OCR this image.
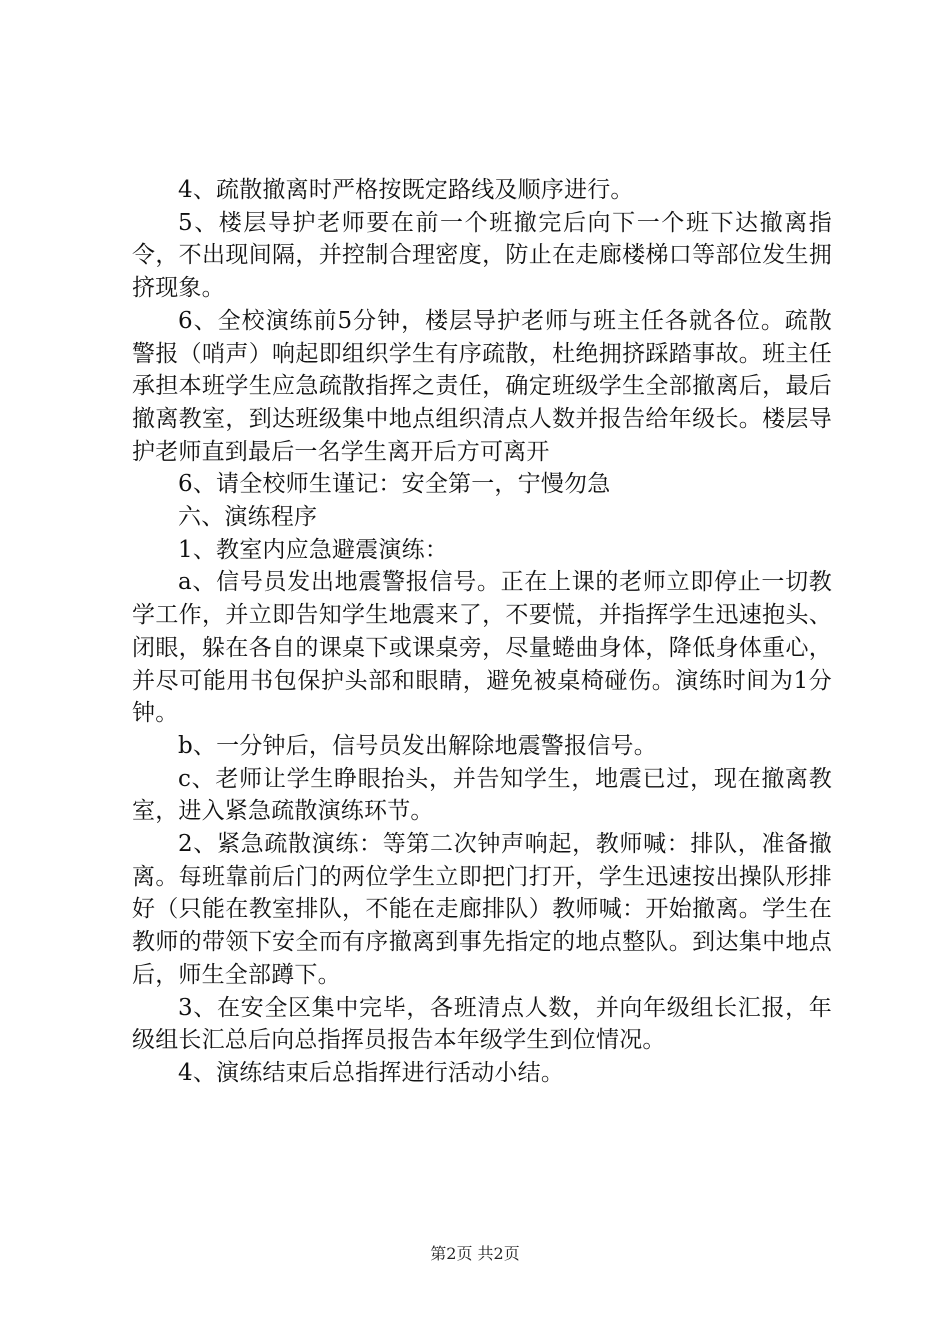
4、疏散撤离时严格按既定路线及顺序进行。

5、楼层导护老师要在前一个班撤完后向下一个班下达撤离指令，不出现间隔，并控制合理密度，防止在走廊楼梯口等部位发生拥挤现象。

6、全校演练前5分钟，楼层导护老师与班主任各就各位。疏散警报（哨声）响起即组织学生有序疏散，杜绝拥挤踩踏事故。班主任承担本班学生应急疏散指挥之责任，确定班级学生全部撤离后，最后撤离教室，到达班级集中地点组织清点人数并报告给年级长。楼层导护老师直到最后一名学生离开后方可离开

6、请全校师生谨记：安全第一，宁慢勿急

六、演练程序

1、教室内应急避震演练：

a、信号员发出地震警报信号。正在上课的老师立即停止一切教学工作，并立即告知学生地震来了，不要慌，并指挥学生迅速抱头、闭眼，躲在各自的课桌下或课桌旁，尽量蜷曲身体，降低身体重心，并尽可能用书包保护头部和眼睛，避免被桌椅碰伤。演练时间为1分钟。

b、一分钟后，信号员发出解除地震警报信号。

c、老师让学生睁眼抬头，并告知学生，地震已过，现在撤离教室，进入紧急疏散演练环节。

2、紧急疏散演练：等第二次钟声响起，教师喊：排队，准备撤离。每班靠前后门的两位学生立即把门打开，学生迅速按出操队形排好（只能在教室排队，不能在走廊排队）教师喊：开始撤离。学生在教师的带领下安全而有序撤离到事先指定的地点整队。到达集中地点后，师生全部蹲下。

3、在安全区集中完毕，各班清点人数，并向年级组长汇报，年级组长汇总后向总指挥员报告本年级学生到位情况。

4、演练结束后总指挥进行活动小结。

第2页 共2页
